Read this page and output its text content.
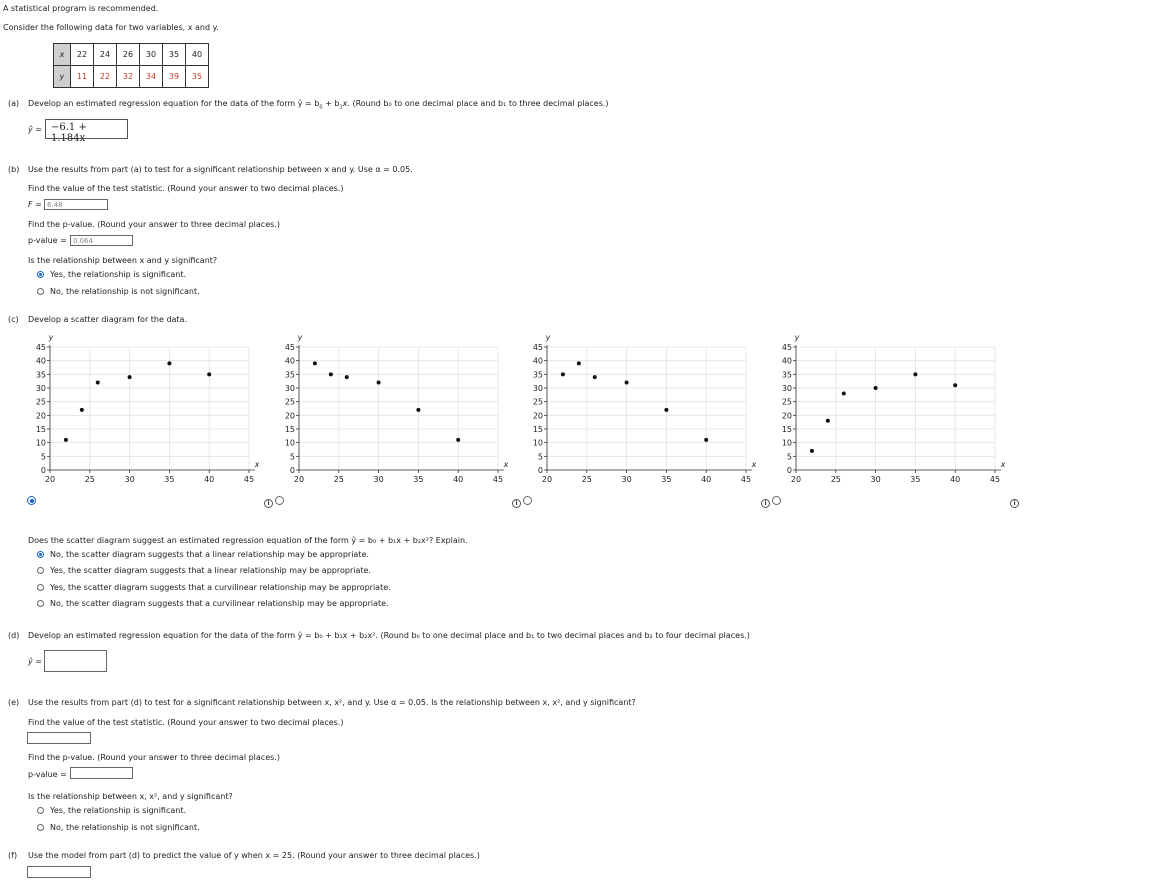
A statistical program is recommended.
Consider the following data for two variables, x and y.
x	22	24	26	30	35	40
y	11	22	32	34	39	35
(a) Develop an estimated regression equation for the data of the form ŷ = $b_0 + b_1x$. (Round b₀ to one decimal place and b₁ to three decimal places.)
ŷ = −6.1 + 1.184x
(b) Use the results from part (a) to test for a significant relationship between x and y. Use α = 0.05.
Find the value of the test statistic. (Round your answer to two decimal places.)
F = 6.48
Find the p-value. (Round your answer to three decimal places.)
p-value = 0.064
Is the relationship between x and y significant?
Yes, the relationship is significant.
No, the relationship is not significant.
(c) Develop a scatter diagram for the data.
0
5
10
15
20
25
30
35
40
45
20	25	30	35	40	45
y
x
0
5
10
15
20
25
30
35
40
45
20	25	30	35	40	45
y
x
0
5
10
15
20
25
30
35
40
45
20	25	30	35	40	45
y
x
0
5
10
15
20
25
30
35
40
45
20	25	30	35	40	45
y
x
i	i	i	i
Does the scatter diagram suggest an estimated regression equation of the form ŷ = b₀ + b₁x + b₂x²? Explain.
No, the scatter diagram suggests that a linear relationship may be appropriate.
Yes, the scatter diagram suggests that a linear relationship may be appropriate.
Yes, the scatter diagram suggests that a curvilinear relationship may be appropriate.
No, the scatter diagram suggests that a curvilinear relationship may be appropriate.
(d) Develop an estimated regression equation for the data of the form ŷ = b₀ + b₁x + b₂x². (Round b₀ to one decimal place and b₁ to two decimal places and b₂ to four decimal places.)
ŷ =
(e) Use the results from part (d) to test for a significant relationship between x, x², and y. Use α = 0.05. Is the relationship between x, x², and y significant?
Find the value of the test statistic. (Round your answer to two decimal places.)
Find the p-value. (Round your answer to three decimal places.)
p-value =
Is the relationship between x, x², and y significant?
Yes, the relationship is significant.
No, the relationship is not significant.
(f) Use the model from part (d) to predict the value of y when x = 25. (Round your answer to three decimal places.)
